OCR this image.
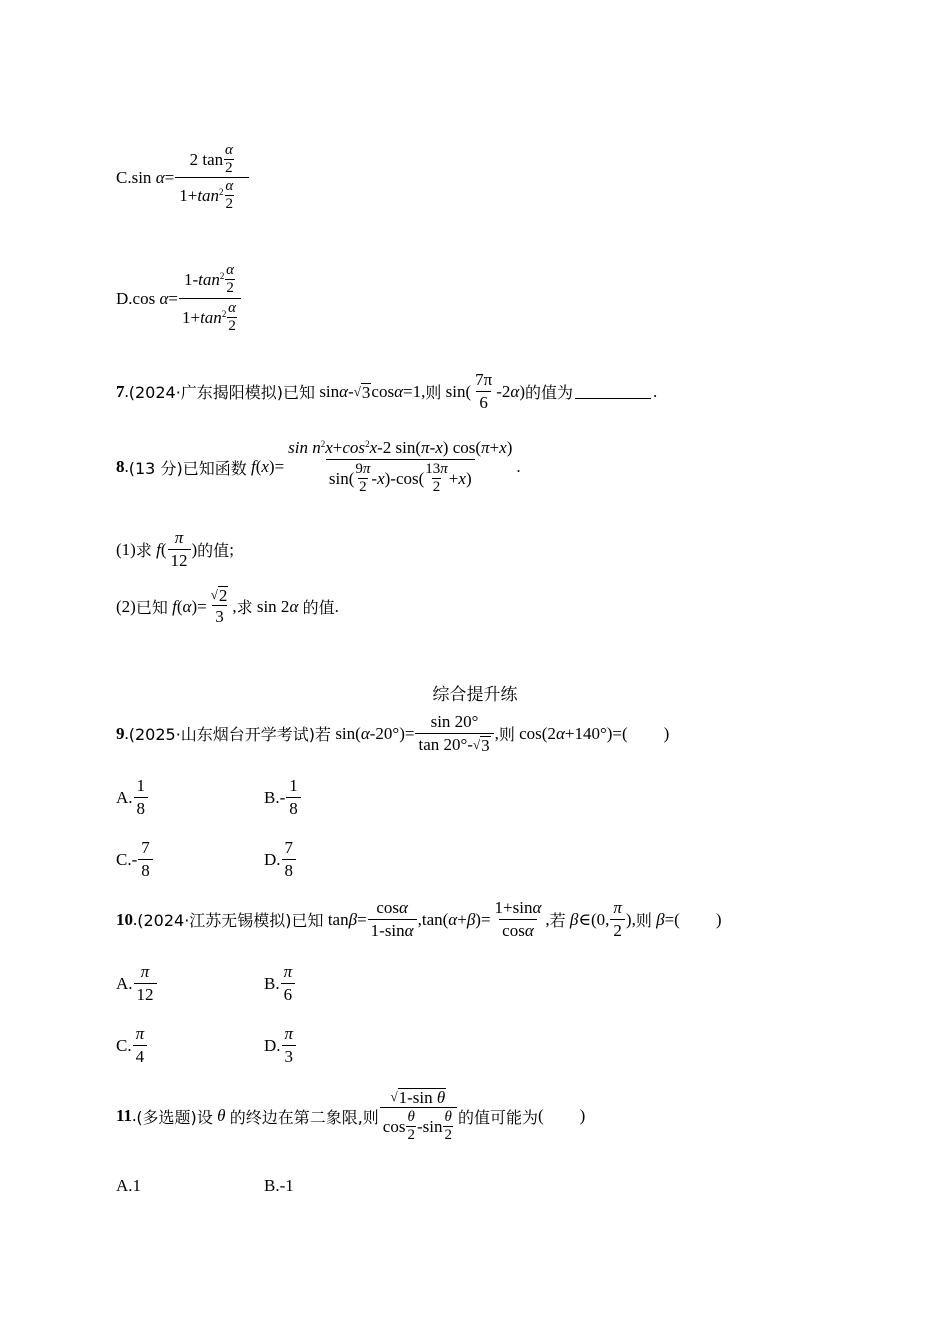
C.sin $\alpha= \frac{2 \tan \frac{\alpha}{2}}{1+ \tan^2 \frac{\alpha}{2}}$
D.cos $\alpha= \frac{1- \tan^2 \frac{\alpha}{2}}{1+ \tan^2 \frac{\alpha}{2}}$
7 . (2024·广东揭阳模拟) 已知 sin α - √ 3 cos α =1, 则 $\sin( \frac{7\pi}{6} -2$ α ) 的值为	.
8 . (13 分) 已知函数
f ( x )= sin
$n^2$ $x + \cos^2 x$ -2 sin( π - x ) cos( π + x )
$\sin( \frac{9\pi}{2}$ - x )$-\cos( \frac{13\pi}{2} + x$ ) .
(1) 求
f ( $\frac{\pi}{12}$ ) 的值 ;
(2) 已知
f ( α )= $\frac{√ 2}{3}$ , 求 sin 2 α
的值 .
综合提升练
9 . (2025·山东烟台开学考试) 若 sin( α $-20^\circ)= \frac{\sin 20^\circ}{\tan 20^\circ- √ 3}$ , 则 cos(2 α +140°)=( )
A. $\frac{1}{8}$	B. - $\frac{1}{8}$
C. - $\frac{7}{8}$	D. $\frac{7}{8}$
10 . (2024·江苏无锡模拟) 已知 $\tan \beta = \frac{\text{cos α}}{\text{1-sin α}} ,\tan$( α + β )= $\frac{\text{1+sin α}}{\text{cos α}}$ , 若
β ∈(0, $\frac{\pi}{2}$ ), 则
β =( )
A. $\frac{\pi}{12}$	B. $\frac{\pi}{6}$
C. $\frac{\pi}{4}$	D. $\frac{\pi}{3}$
11 . (多选题) 设
θ
的终边在第二象限,则 $\frac{\text{√ 1-sin θ}}{\cos \frac{\theta}{2} -\sin \frac{\theta}{2}}$ 的值可能为 ( )
A.1	B.-1
